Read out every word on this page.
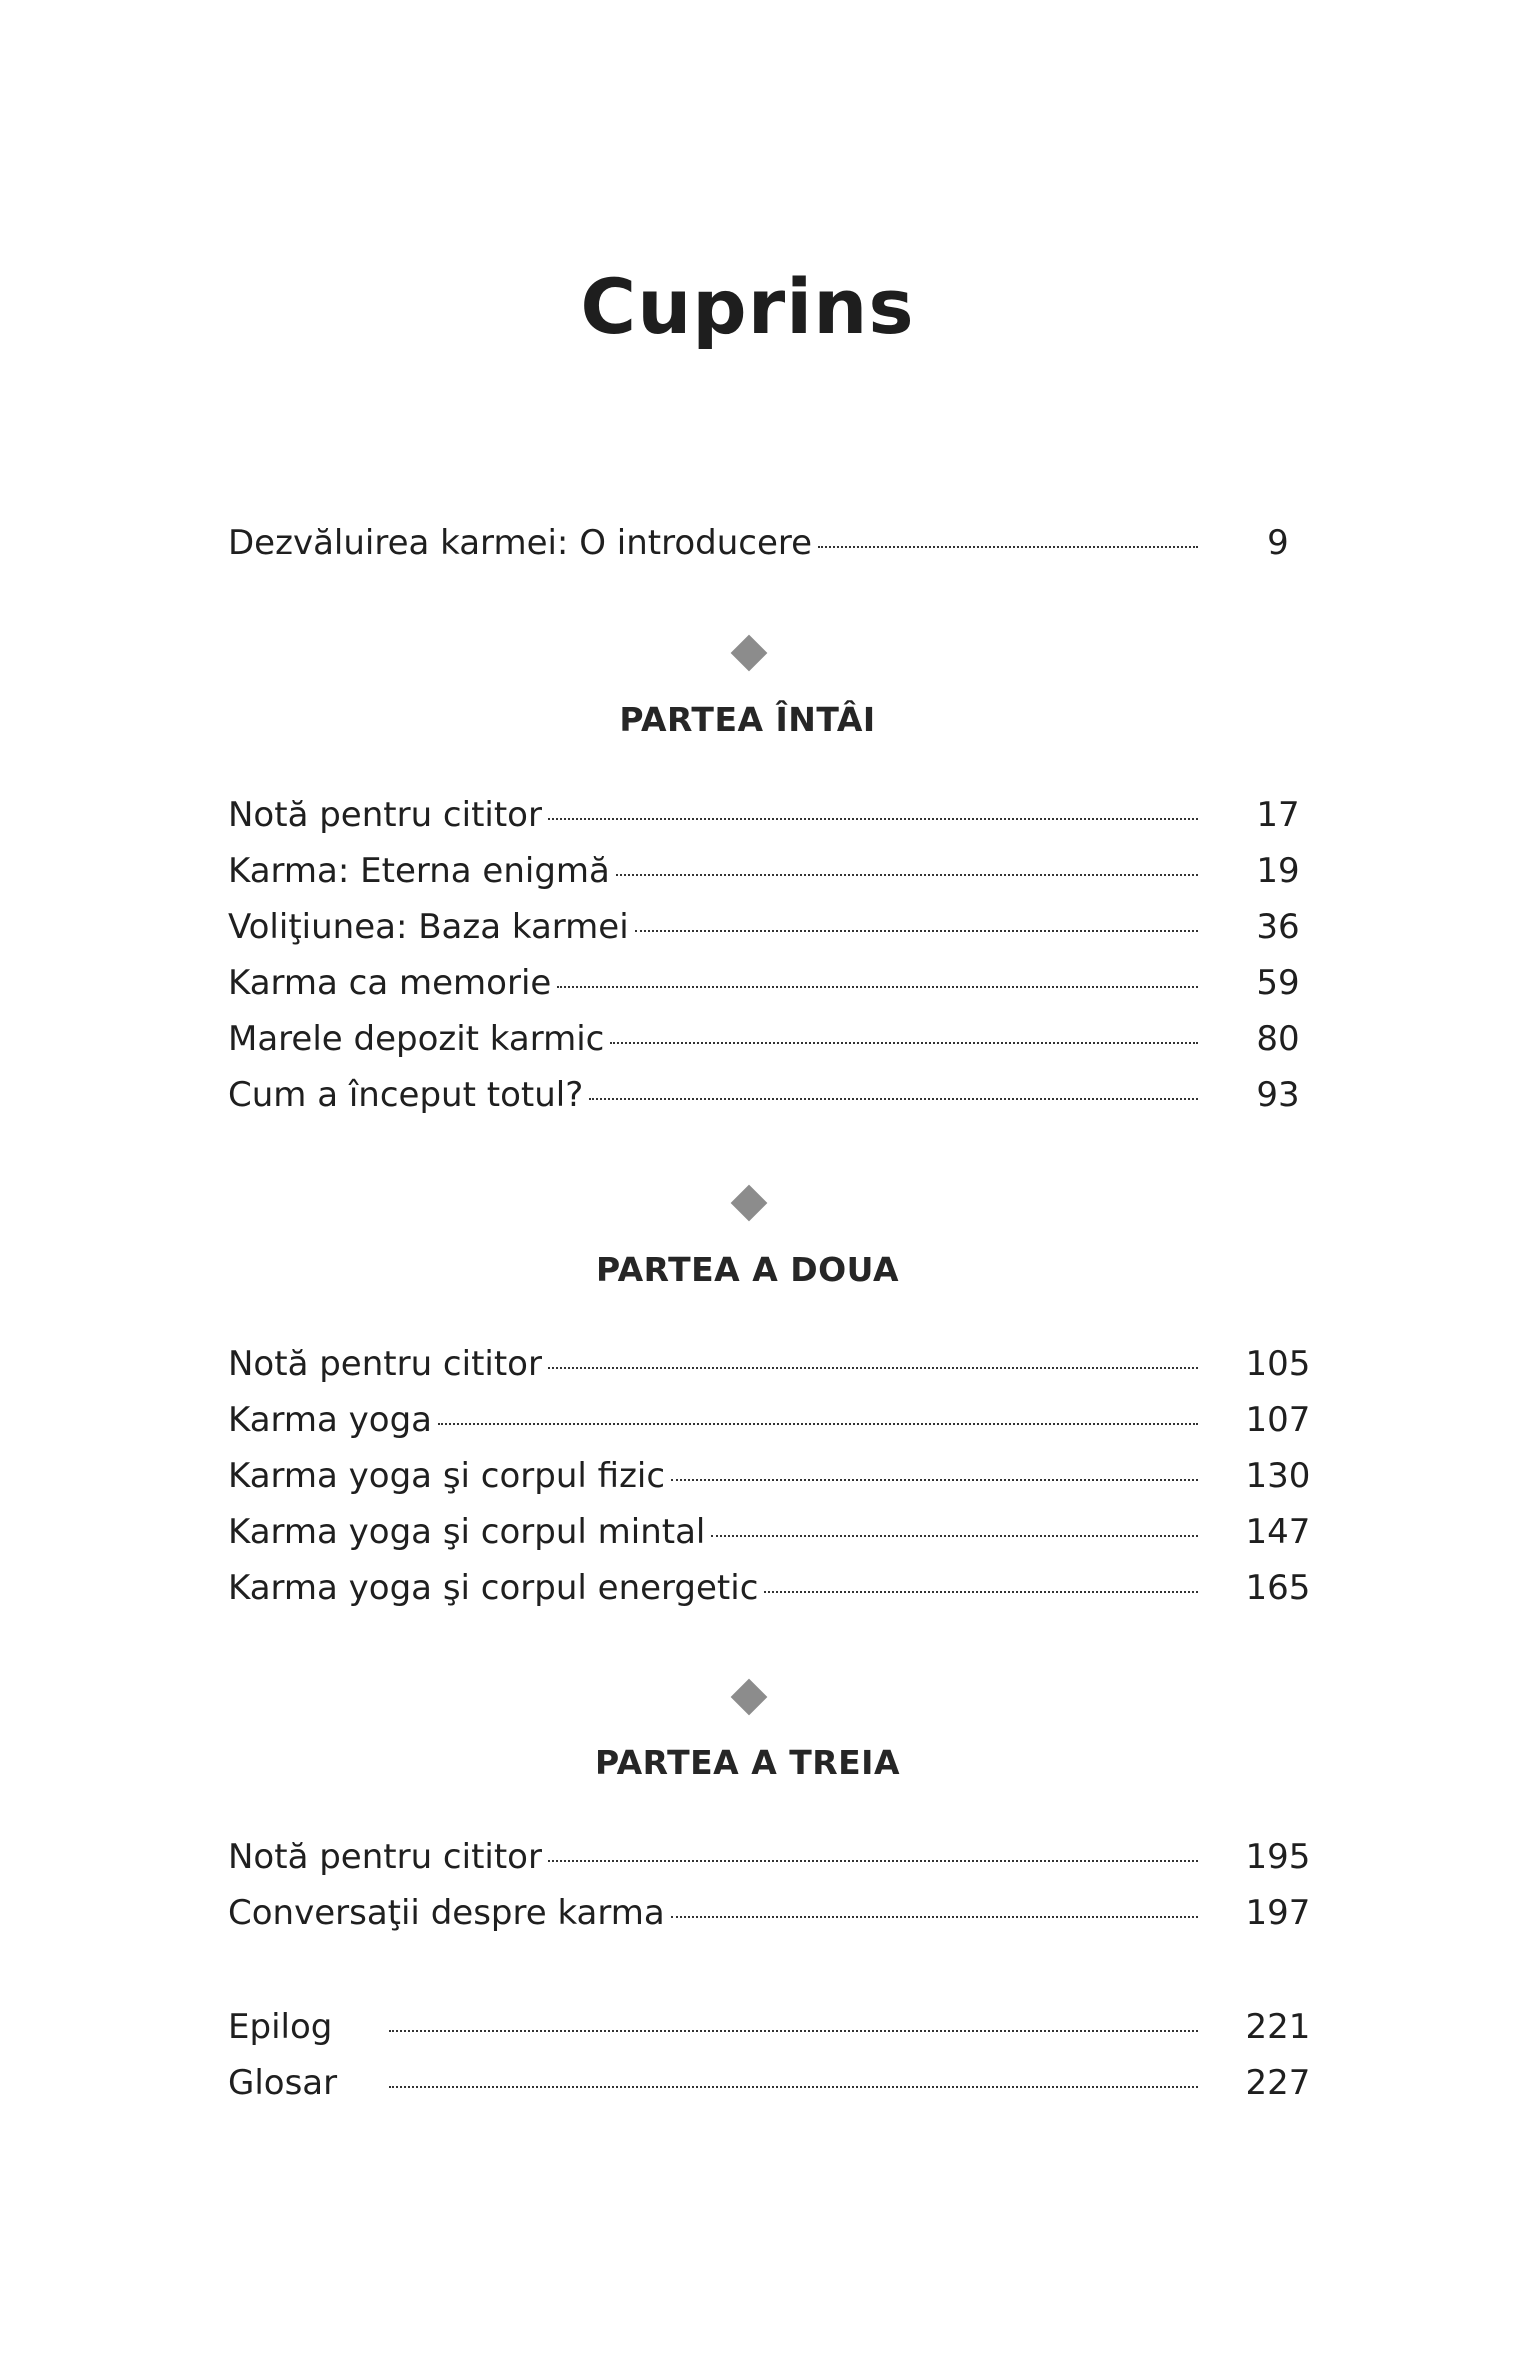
Cuprins
Dezvăluirea karmei: O introducere	9
PARTEA ÎNTÂI
Notă pentru cititor	17
Karma: Eterna enigmă	19
Voliţiunea: Baza karmei	36
Karma ca memorie	59
Marele depozit karmic	80
Cum a început totul?	93
PARTEA A DOUA
Notă pentru cititor	105
Karma yoga	107
Karma yoga şi corpul fizic	130
Karma yoga şi corpul mintal	147
Karma yoga şi corpul energetic	165
PARTEA A TREIA
Notă pentru cititor	195
Conversaţii despre karma	197
Epilog	221
Glosar	227
